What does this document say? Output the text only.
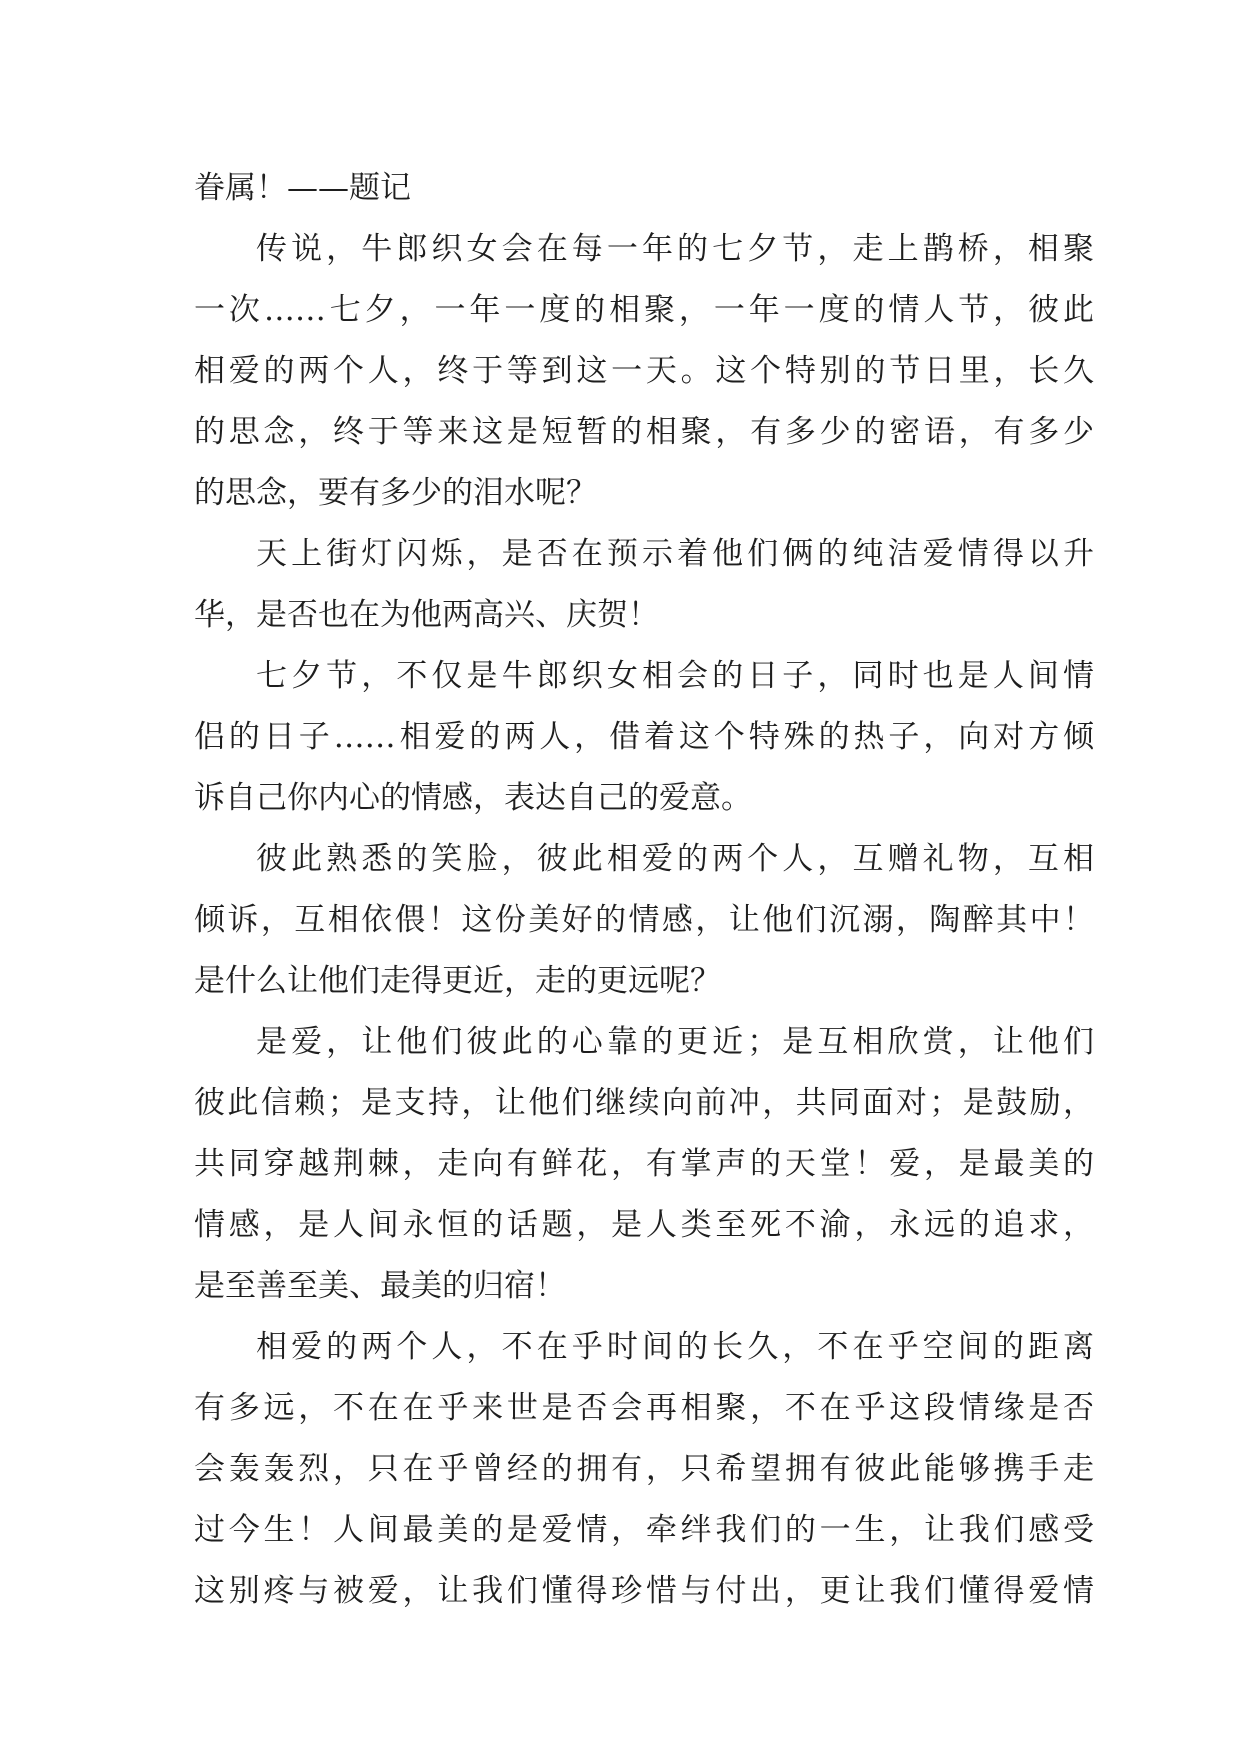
眷属！——题记

传说，牛郎织女会在每一年的七夕节，走上鹊桥，相聚

一次……七夕，一年一度的相聚，一年一度的情人节，彼此

相爱的两个人，终于等到这一天。这个特别的节日里，长久

的思念，终于等来这是短暂的相聚，有多少的密语，有多少

的思念，要有多少的泪水呢？

天上街灯闪烁，是否在预示着他们俩的纯洁爱情得以升

华，是否也在为他两高兴、庆贺！

七夕节，不仅是牛郎织女相会的日子，同时也是人间情

侣的日子……相爱的两人，借着这个特殊的热子，向对方倾

诉自己你内心的情感，表达自己的爱意。

彼此熟悉的笑脸，彼此相爱的两个人，互赠礼物，互相

倾诉，互相依偎！这份美好的情感，让他们沉溺，陶醉其中！

是什么让他们走得更近，走的更远呢？

是爱，让他们彼此的心靠的更近；是互相欣赏，让他们

彼此信赖；是支持，让他们继续向前冲，共同面对；是鼓励，

共同穿越荆棘，走向有鲜花，有掌声的天堂！爱，是最美的

情感，是人间永恒的话题，是人类至死不渝，永远的追求，

是至善至美、最美的归宿！

相爱的两个人，不在乎时间的长久，不在乎空间的距离

有多远，不在在乎来世是否会再相聚，不在乎这段情缘是否

会轰轰烈，只在乎曾经的拥有，只希望拥有彼此能够携手走

过今生！人间最美的是爱情，牵绊我们的一生，让我们感受

这别疼与被爱，让我们懂得珍惜与付出，更让我们懂得爱情
